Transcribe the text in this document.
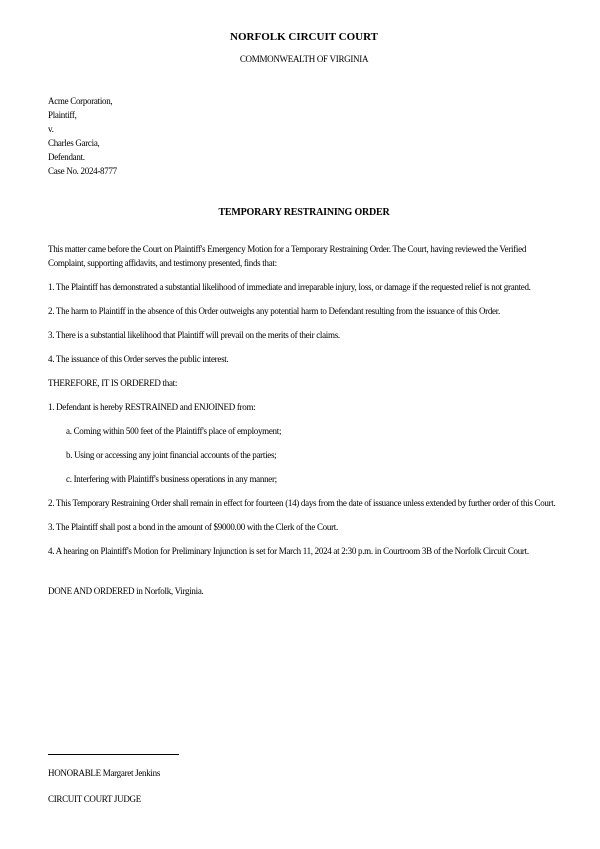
NORFOLK CIRCUIT COURT
COMMONWEALTH OF VIRGINIA

Acme Corporation,

Plaintiff,

v.

Charles Garcia,

Defendant.

Case No. 2024-8777

TEMPORARY RESTRAINING ORDER

This matter came before the Court on Plaintiff's Emergency Motion for a Temporary Restraining Order. The Court, having reviewed the Verified Complaint, supporting affidavits, and testimony presented, finds that:

1. The Plaintiff has demonstrated a substantial likelihood of immediate and irreparable injury, loss, or damage if the requested relief is not granted.

2. The harm to Plaintiff in the absence of this Order outweighs any potential harm to Defendant resulting from the issuance of this Order.

3. There is a substantial likelihood that Plaintiff will prevail on the merits of their claims.

4. The issuance of this Order serves the public interest.

THEREFORE, IT IS ORDERED that:

1. Defendant is hereby RESTRAINED and ENJOINED from:

a. Coming within 500 feet of the Plaintiff's place of employment;

b. Using or accessing any joint financial accounts of the parties;

c. Interfering with Plaintiff's business operations in any manner;

2. This Temporary Restraining Order shall remain in effect for fourteen (14) days from the date of issuance unless extended by further order of this Court.

3. The Plaintiff shall post a bond in the amount of $9000.00 with the Clerk of the Court.

4. A hearing on Plaintiff's Motion for Preliminary Injunction is set for March 11, 2024 at 2:30 p.m. in Courtroom 3B of the Norfolk Circuit Court.

DONE AND ORDERED in Norfolk, Virginia.

HONORABLE Margaret Jenkins
CIRCUIT COURT JUDGE
